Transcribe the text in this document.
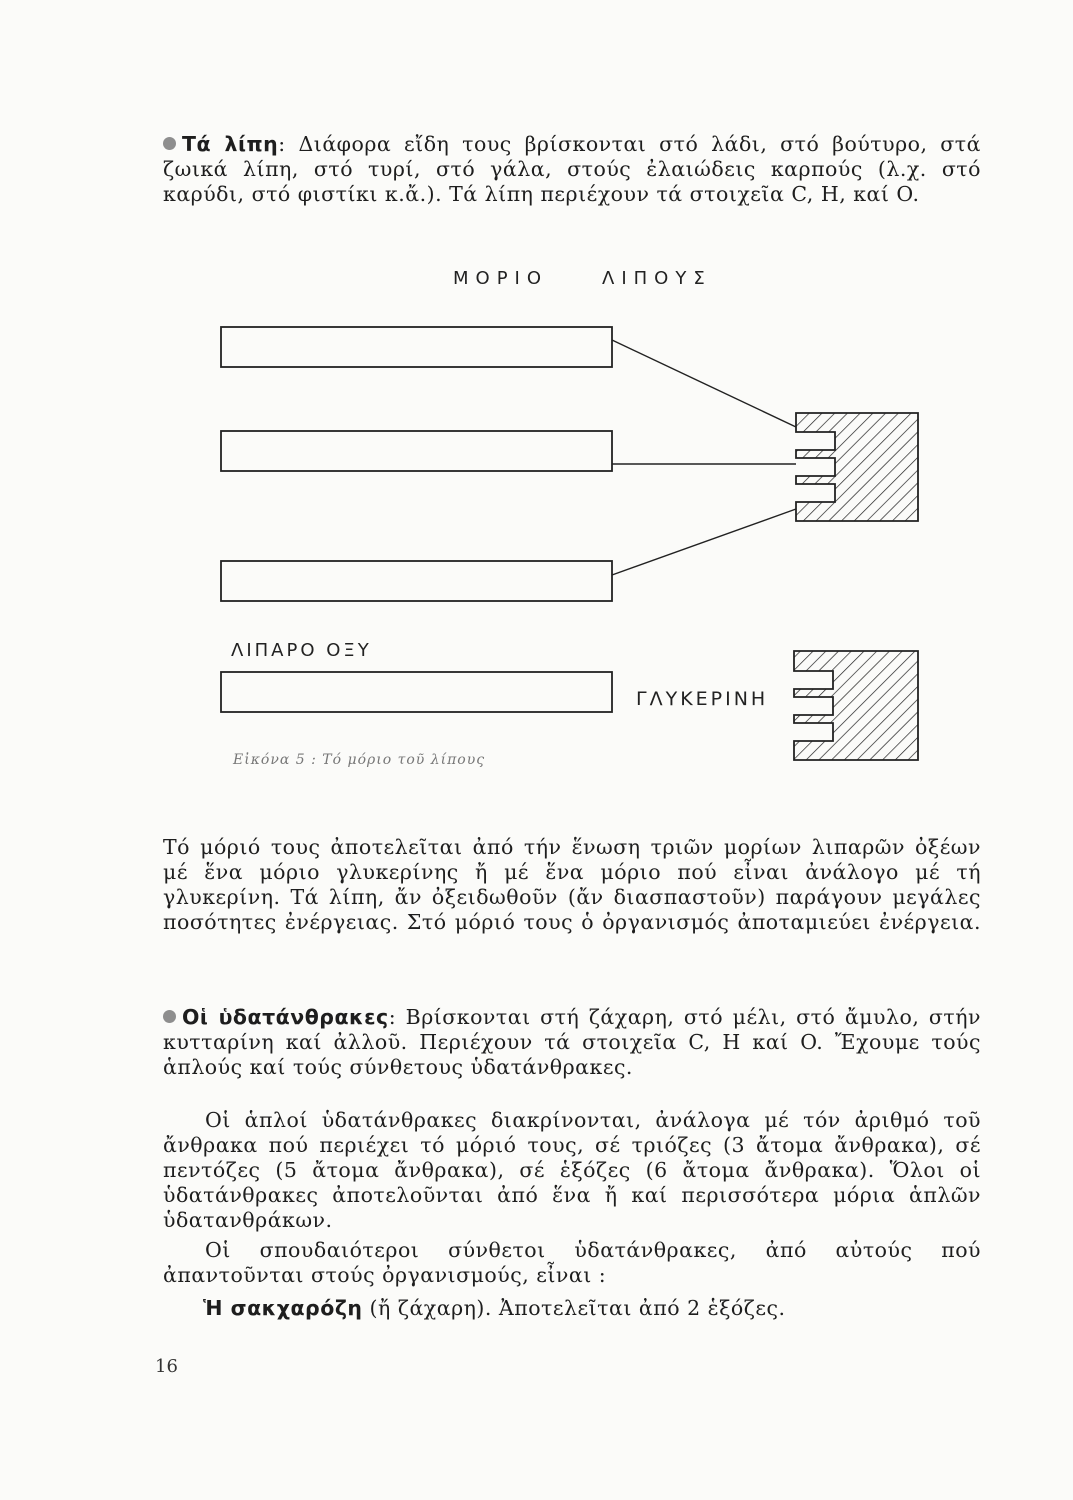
Τά λίπη: Διάφορα εἴδη τους βρίσκονται στό λάδι, στό βούτυρο, στά ζωικά λίπη, στό τυρί, στό γάλα, στούς ἐλαιώδεις καρπούς (λ.χ. στό καρύδι, στό φιστίκι κ.ἄ.). Τά λίπη περιέχουν τά στοιχεῖα C, H, καί O.

ΜΟΡΙΟ	ΛΙΠΟΥΣ
ΛΙΠΑΡΟ ΟΞΥ
ΓΛΥΚΕΡΙΝΗ
Εἰκόνα 5 : Τό μόριο τοῦ λίπους

Τό μόριό τους ἀποτελεῖται ἀπό τήν ἕνωση τριῶν μορίων λιπαρῶν ὀξέων μέ ἕνα μόριο γλυκερίνης ἤ μέ ἕνα μόριο πού εἶναι ἀνάλογο μέ τή γλυκερίνη. Τά λίπη, ἄν ὀξειδωθοῦν (ἄν διασπαστοῦν) παράγουν μεγάλες ποσότητες ἐνέργειας. Στό μόριό τους ὁ ὀργανισμός ἀποταμιεύει ἐνέργεια.

Οἱ ὑδατάνθρακες: Βρίσκονται στή ζάχαρη, στό μέλι, στό ἄμυλο, στήν κυτταρίνη καί ἀλλοῦ. Περιέχουν τά στοιχεῖα C, H καί O. Ἔχουμε τούς ἁπλούς καί τούς σύνθετους ὑδατάνθρακες.

Οἱ ἁπλοί ὑδατάνθρακες διακρίνονται, ἀνάλογα μέ τόν ἀριθμό τοῦ ἄνθρακα πού περιέχει τό μόριό τους, σέ τριόζες (3 ἄτομα ἄνθρακα), σέ πεντόζες (5 ἄτομα ἄνθρακα), σέ ἑξόζες (6 ἄτομα ἄνθρακα). Ὅλοι οἱ ὑδατάνθρακες ἀποτελοῦνται ἀπό ἕνα ἤ καί περισσότερα μόρια ἁπλῶν ὑδατανθράκων.

Οἱ σπουδαιότεροι σύνθετοι ὑδατάνθρακες, ἀπό αὐτούς πού ἀπαντοῦνται στούς ὀργανισμούς, εἶναι :

Ἡ σακχαρόζη (ἤ ζάχαρη). Ἀποτελεῖται ἀπό 2 ἑξόζες.

16
